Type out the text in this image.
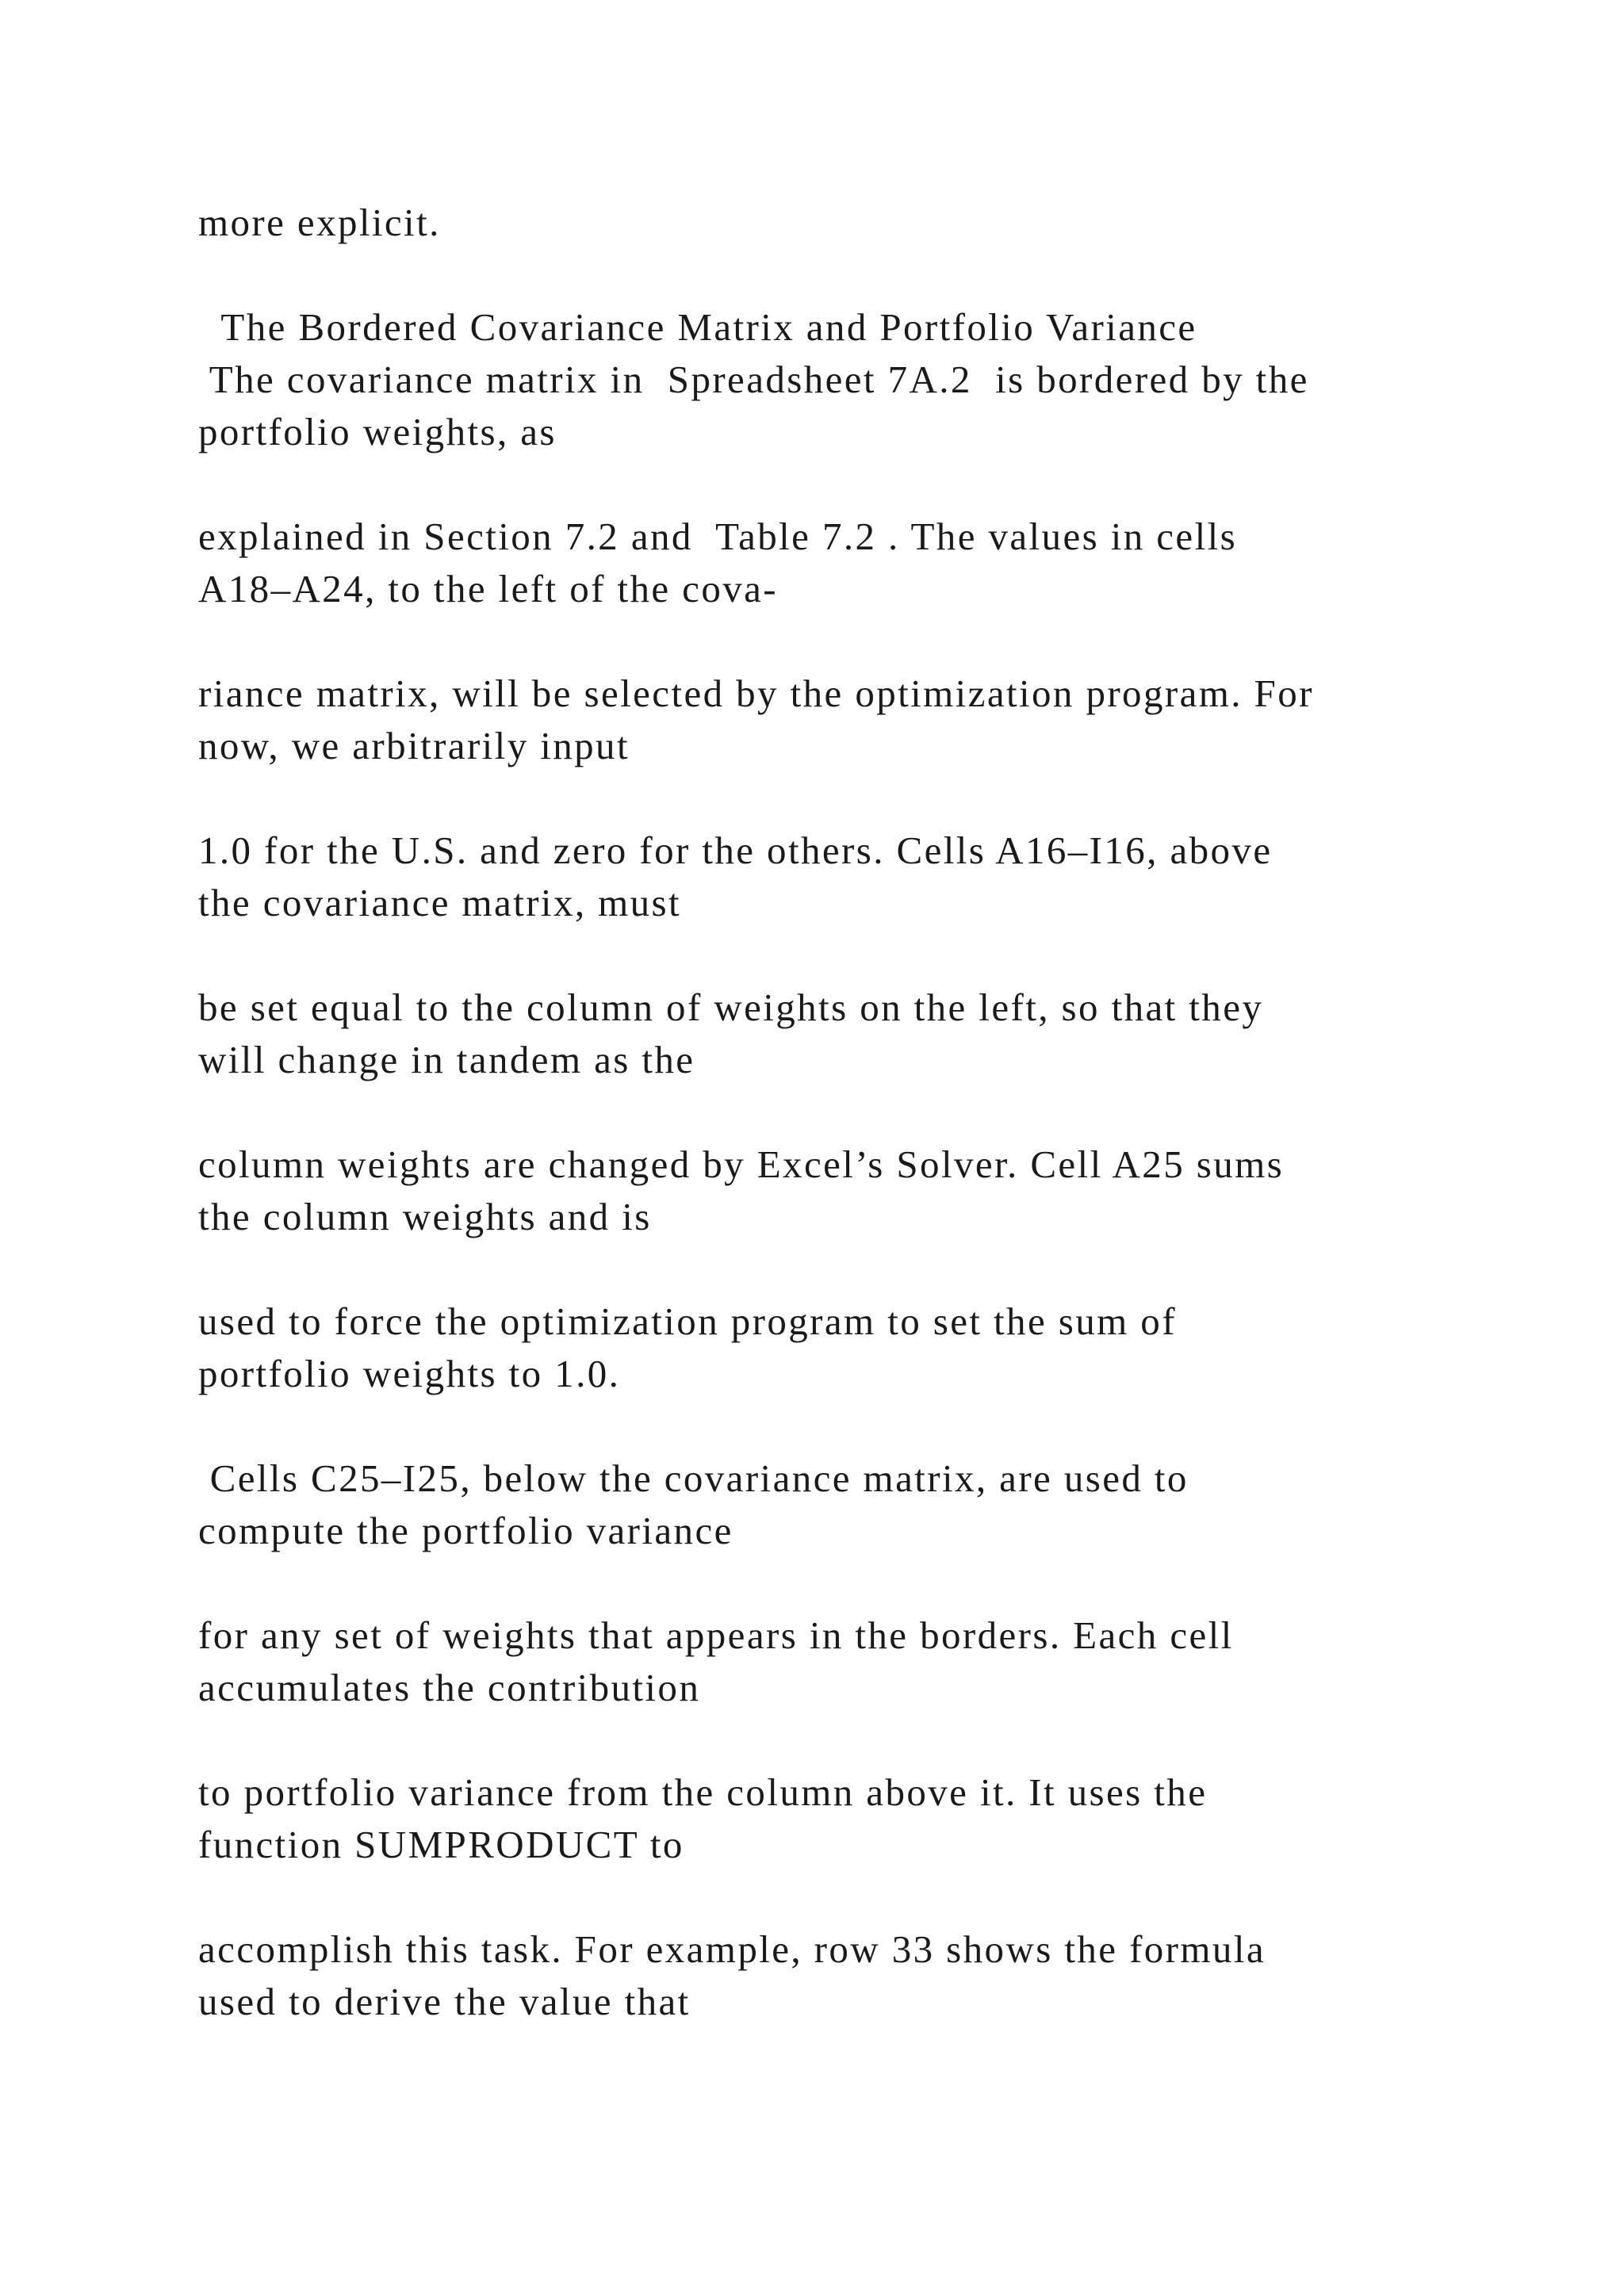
more explicit.
The Bordered Covariance Matrix and Portfolio Variance
The covariance matrix in  Spreadsheet 7A.2  is bordered by the
portfolio weights, as
explained in Section 7.2 and  Table 7.2 . The values in cells
A18–A24, to the left of the cova-
riance matrix, will be selected by the optimization program. For
now, we arbitrarily input
1.0 for the U.S. and zero for the others. Cells A16–I16, above
the covariance matrix, must
be set equal to the column of weights on the left, so that they
will change in tandem as the
column weights are changed by Excel’s Solver. Cell A25 sums
the column weights and is
used to force the optimization program to set the sum of
portfolio weights to 1.0.
Cells C25–I25, below the covariance matrix, are used to
compute the portfolio variance
for any set of weights that appears in the borders. Each cell
accumulates the contribution
to portfolio variance from the column above it. It uses the
function SUMPRODUCT to
accomplish this task. For example, row 33 shows the formula
used to derive the value that
